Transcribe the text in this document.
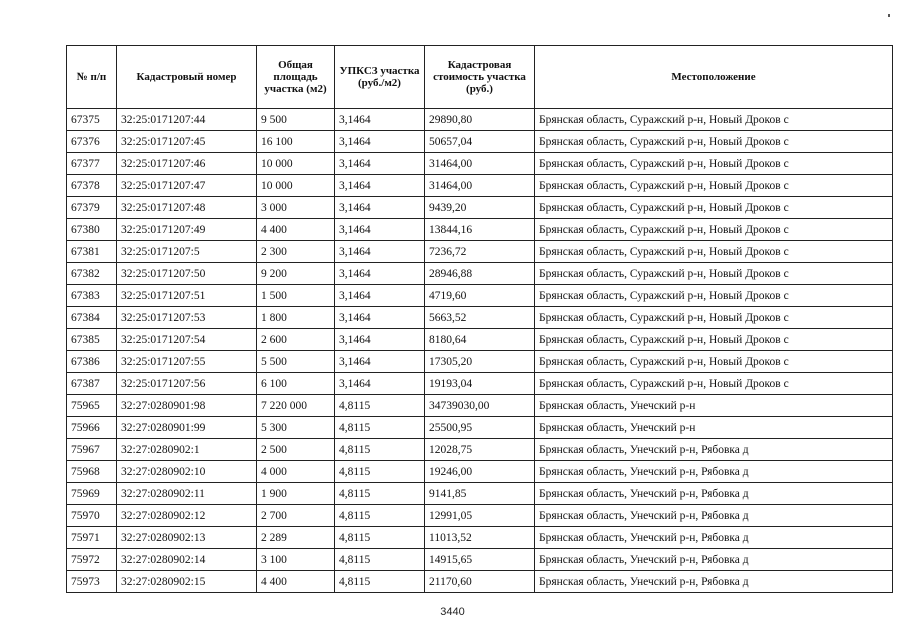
№ п/п	Кадастровый номер	Общая площадь участка (м2)	УПКСЗ участка (руб./м2)	Кадастровая стоимость участка (руб.)	Местоположение
67375	32:25:0171207:44	9 500	3,1464	29890,80	Брянская область, Суражский р-н, Новый Дроков с
67376	32:25:0171207:45	16 100	3,1464	50657,04	Брянская область, Суражский р-н, Новый Дроков с
67377	32:25:0171207:46	10 000	3,1464	31464,00	Брянская область, Суражский р-н, Новый Дроков с
67378	32:25:0171207:47	10 000	3,1464	31464,00	Брянская область, Суражский р-н, Новый Дроков с
67379	32:25:0171207:48	3 000	3,1464	9439,20	Брянская область, Суражский р-н, Новый Дроков с
67380	32:25:0171207:49	4 400	3,1464	13844,16	Брянская область, Суражский р-н, Новый Дроков с
67381	32:25:0171207:5	2 300	3,1464	7236,72	Брянская область, Суражский р-н, Новый Дроков с
67382	32:25:0171207:50	9 200	3,1464	28946,88	Брянская область, Суражский р-н, Новый Дроков с
67383	32:25:0171207:51	1 500	3,1464	4719,60	Брянская область, Суражский р-н, Новый Дроков с
67384	32:25:0171207:53	1 800	3,1464	5663,52	Брянская область, Суражский р-н, Новый Дроков с
67385	32:25:0171207:54	2 600	3,1464	8180,64	Брянская область, Суражский р-н, Новый Дроков с
67386	32:25:0171207:55	5 500	3,1464	17305,20	Брянская область, Суражский р-н, Новый Дроков с
67387	32:25:0171207:56	6 100	3,1464	19193,04	Брянская область, Суражский р-н, Новый Дроков с
75965	32:27:0280901:98	7 220 000	4,8115	34739030,00	Брянская область, Унечский р-н
75966	32:27:0280901:99	5 300	4,8115	25500,95	Брянская область, Унечский р-н
75967	32:27:0280902:1	2 500	4,8115	12028,75	Брянская область, Унечский р-н, Рябовка д
75968	32:27:0280902:10	4 000	4,8115	19246,00	Брянская область, Унечский р-н, Рябовка д
75969	32:27:0280902:11	1 900	4,8115	9141,85	Брянская область, Унечский р-н, Рябовка д
75970	32:27:0280902:12	2 700	4,8115	12991,05	Брянская область, Унечский р-н, Рябовка д
75971	32:27:0280902:13	2 289	4,8115	11013,52	Брянская область, Унечский р-н, Рябовка д
75972	32:27:0280902:14	3 100	4,8115	14915,65	Брянская область, Унечский р-н, Рябовка д
75973	32:27:0280902:15	4 400	4,8115	21170,60	Брянская область, Унечский р-н, Рябовка д
3440
